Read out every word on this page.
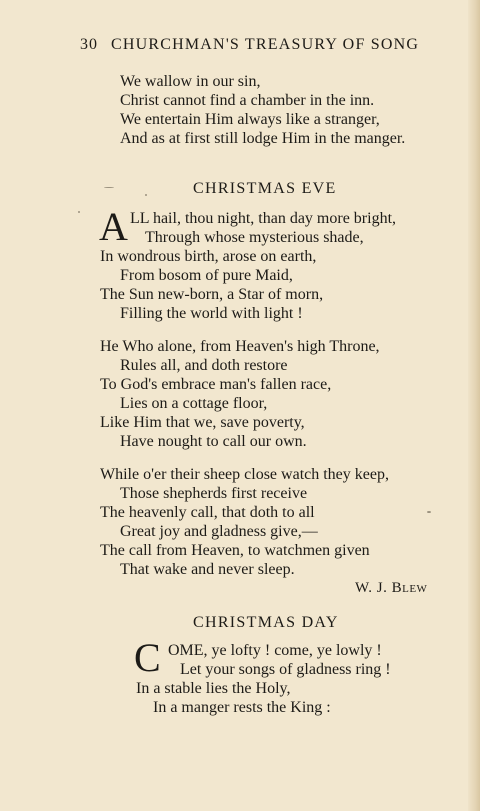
30 CHURCHMAN'S TREASURY OF SONG
We wallow in our sin,
Christ cannot find a chamber in the inn.
We entertain Him always like a stranger,
And as at first still lodge Him in the manger.
CHRISTMAS EVE
A LL hail, thou night, than day more bright,
Through whose mysterious shade,
In wondrous birth, arose on earth,
From bosom of pure Maid,
The Sun new-born, a Star of morn,
Filling the world with light !
He Who alone, from Heaven's high Throne,
Rules all, and doth restore
To God's embrace man's fallen race,
Lies on a cottage floor,
Like Him that we, save poverty,
Have nought to call our own.
While o'er their sheep close watch they keep,
Those shepherds first receive
The heavenly call, that doth to all
Great joy and gladness give,—
The call from Heaven, to watchmen given
That wake and never sleep.
W. J. Blew
CHRISTMAS DAY
C OME, ye lofty ! come, ye lowly !
Let your songs of gladness ring !
In a stable lies the Holy,
In a manger rests the King :
